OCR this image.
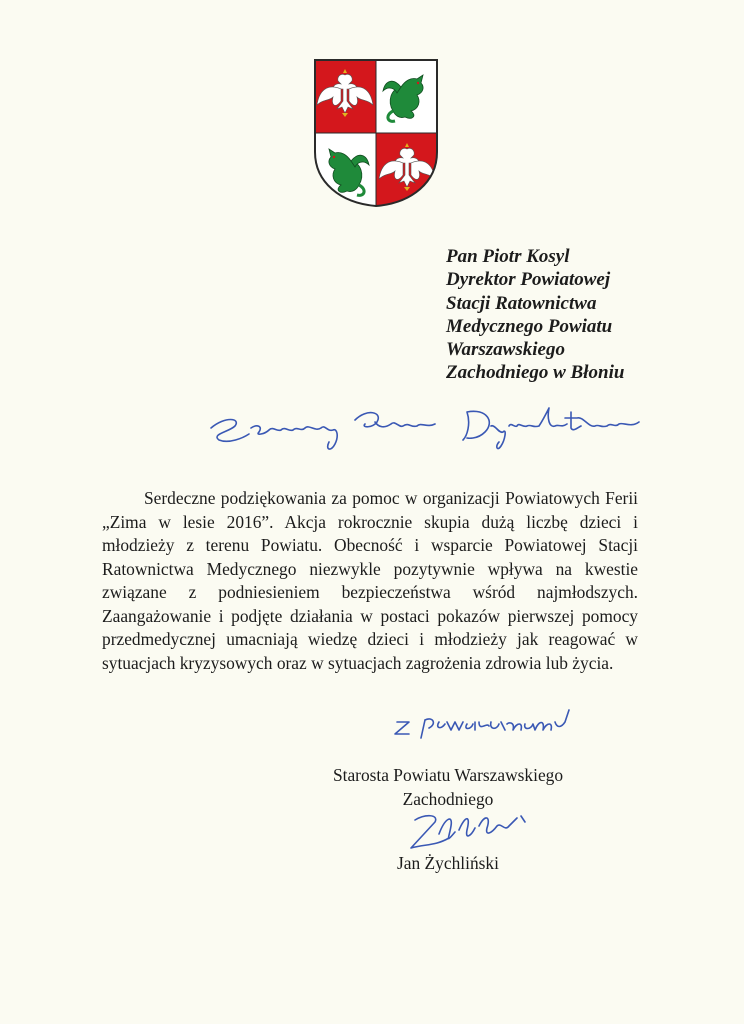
Pan Piotr Kosyl
Dyrektor Powiatowej
Stacji Ratownictwa
Medycznego Powiatu
Warszawskiego
Zachodniego w Błoniu

Serdeczne podziękowania za pomoc w organizacji Powiatowych Ferii „Zima w lesie 2016”. Akcja rokrocznie skupia dużą liczbę dzieci i młodzieży z terenu Powiatu. Obecność i wsparcie Powiatowej Stacji Ratownictwa Medycznego niezwykle pozytywnie wpływa na kwestie związane z podniesieniem bezpieczeństwa wśród najmłodszych. Zaangażowanie i podjęte działania w postaci pokazów pierwszej pomocy przedmedycznej umacniają wiedzę dzieci i młodzieży jak reagować w sytuacjach kryzysowych oraz w sytuacjach zagrożenia zdrowia lub życia.

Starosta Powiatu Warszawskiego
Zachodniego
Jan Żychliński
